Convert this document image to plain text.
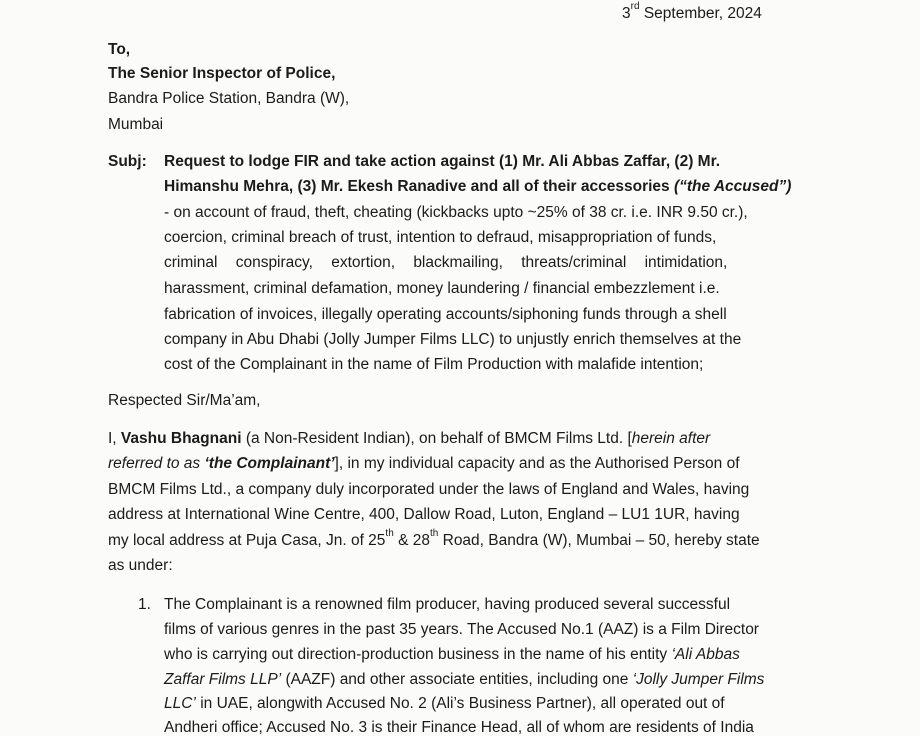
3rd September, 2024
To,
The Senior Inspector of Police,
Bandra Police Station, Bandra (W),
Mumbai
Subj: Request to lodge FIR and take action against (1) Mr. Ali Abbas Zaffar, (2) Mr.
Himanshu Mehra, (3) Mr. Ekesh Ranadive and all of their accessories (“the Accused”)
- on account of fraud, theft, cheating (kickbacks upto ~25% of 38 cr. i.e. INR 9.50 cr.),
coercion, criminal breach of trust, intention to defraud, misappropriation of funds,
criminal conspiracy, extortion, blackmailing, threats/criminal intimidation,
harassment, criminal defamation, money laundering / financial embezzlement i.e.
fabrication of invoices, illegally operating accounts/siphoning funds through a shell
company in Abu Dhabi (Jolly Jumper Films LLC) to unjustly enrich themselves at the
cost of the Complainant in the name of Film Production with malafide intention;
Respected Sir/Ma’am,
I, Vashu Bhagnani (a Non-Resident Indian), on behalf of BMCM Films Ltd. [herein after
referred to as ‘the Complainant’], in my individual capacity and as the Authorised Person of
BMCM Films Ltd., a company duly incorporated under the laws of England and Wales, having
address at International Wine Centre, 400, Dallow Road, Luton, England – LU1 1UR, having
my local address at Puja Casa, Jn. of 25th & 28th Road, Bandra (W), Mumbai – 50, hereby state
as under:
1. The Complainant is a renowned film producer, having produced several successful
films of various genres in the past 35 years. The Accused No.1 (AAZ) is a Film Director
who is carrying out direction-production business in the name of his entity ‘Ali Abbas
Zaffar Films LLP’ (AAZF) and other associate entities, including one ‘Jolly Jumper Films
LLC’ in UAE, alongwith Accused No. 2 (Ali’s Business Partner), all operated out of
Andheri office; Accused No. 3 is their Finance Head, all of whom are residents of India
